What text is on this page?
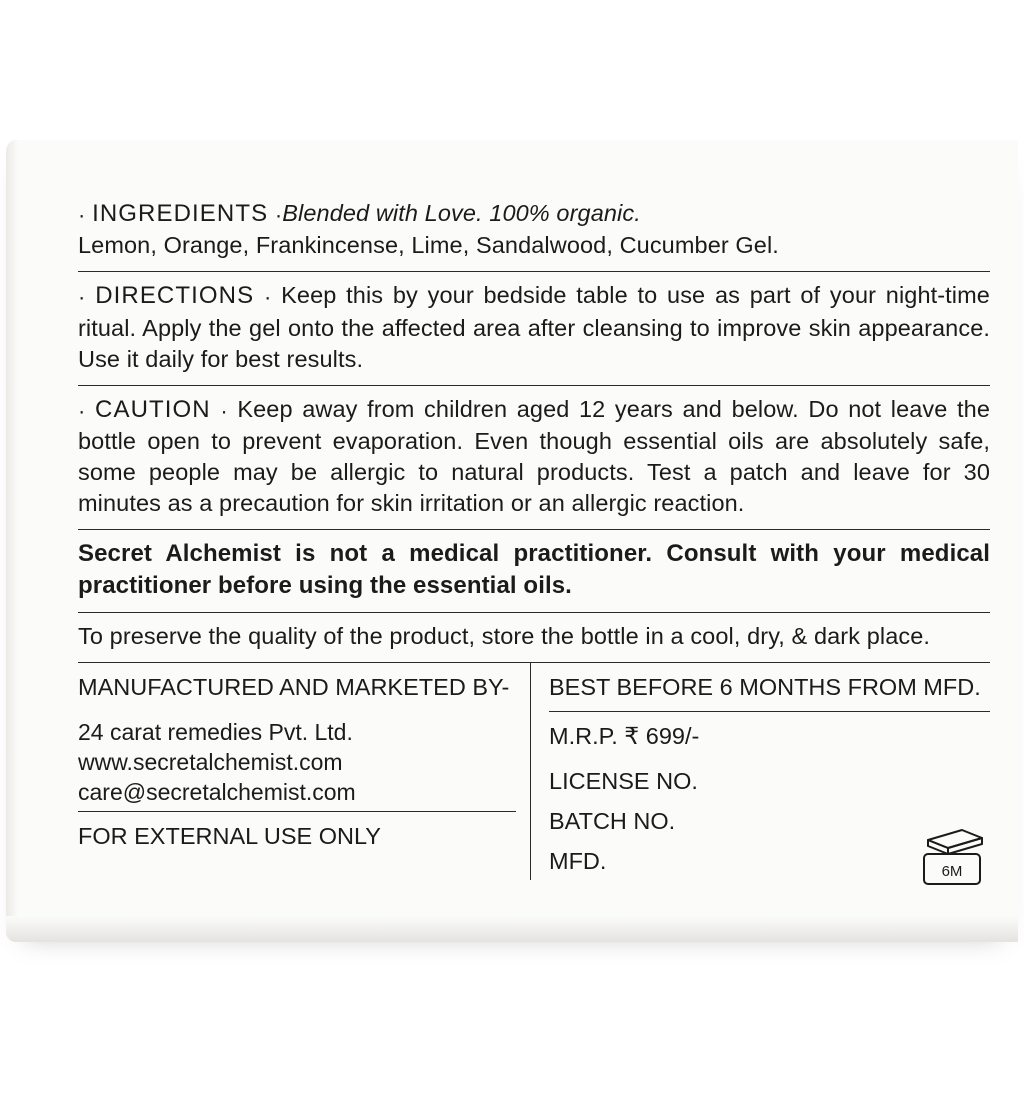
· INGREDIENTS ·Blended with Love. 100% organic.
Lemon, Orange, Frankincense, Lime, Sandalwood, Cucumber Gel.

· DIRECTIONS · Keep this by your bedside table to use as part of your night-time ritual. Apply the gel onto the affected area after cleansing to improve skin appearance. Use it daily for best results.

· CAUTION · Keep away from children aged 12 years and below. Do not leave the bottle open to prevent evaporation. Even though essential oils are absolutely safe, some people may be allergic to natural products. Test a patch and leave for 30 minutes as a precaution for skin irritation or an allergic reaction.

Secret Alchemist is not a medical practitioner. Consult with your medical practitioner before using the essential oils.

To preserve the quality of the product, store the bottle in a cool, dry, & dark place.

MANUFACTURED AND MARKETED BY-
24 carat remedies Pvt. Ltd.
www.secretalchemist.com
care@secretalchemist.com
FOR EXTERNAL USE ONLY
BEST BEFORE 6 MONTHS FROM MFD.
M.R.P. ₹ 699/-
LICENSE NO.
BATCH NO.
MFD.	6M
